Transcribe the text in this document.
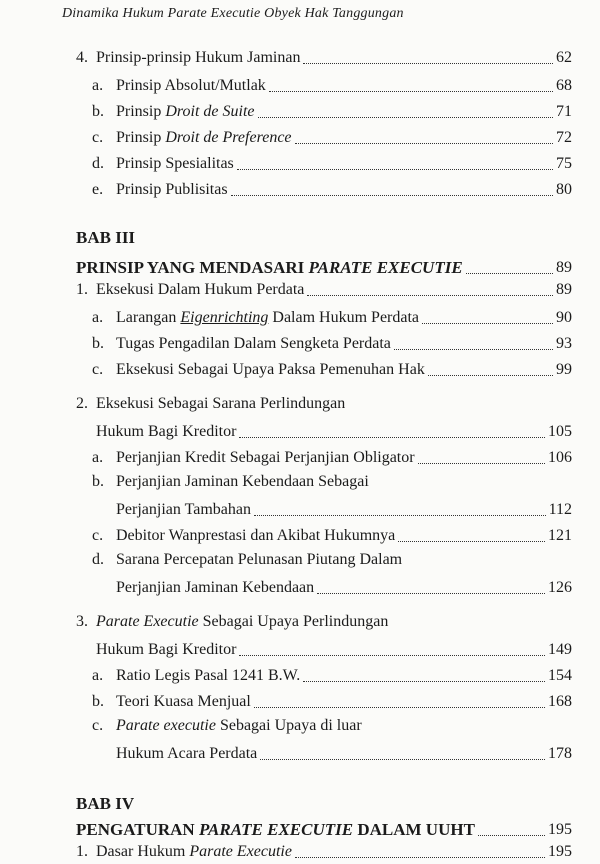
Dinamika Hukum Parate Executie Obyek Hak Tanggungan
4. Prinsip-prinsip Hukum Jaminan	62
a. Prinsip Absolut/Mutlak	68
b. Prinsip Droit de Suite	71
c. Prinsip Droit de Preference	72
d. Prinsip Spesialitas	75
e. Prinsip Publisitas	80
BAB III
PRINSIP YANG MENDASARI PARATE EXECUTIE	89
1. Eksekusi Dalam Hukum Perdata	89
a. Larangan Eigenrichting Dalam Hukum Perdata	90
b. Tugas Pengadilan Dalam Sengketa Perdata	93
c. Eksekusi Sebagai Upaya Paksa Pemenuhan Hak	99
2. Eksekusi Sebagai Sarana Perlindungan
Hukum Bagi Kreditor	105
a. Perjanjian Kredit Sebagai Perjanjian Obligator	106
b. Perjanjian Jaminan Kebendaan Sebagai
Perjanjian Tambahan	112
c. Debitor Wanprestasi dan Akibat Hukumnya	121
d. Sarana Percepatan Pelunasan Piutang Dalam
Perjanjian Jaminan Kebendaan	126
3. Parate Executie Sebagai Upaya Perlindungan
Hukum Bagi Kreditor	149
a. Ratio Legis Pasal 1241 B.W.	154
b. Teori Kuasa Menjual	168
c. Parate executie Sebagai Upaya di luar
Hukum Acara Perdata	178
BAB IV
PENGATURAN PARATE EXECUTIE DALAM UUHT	195
1. Dasar Hukum Parate Executie	195
